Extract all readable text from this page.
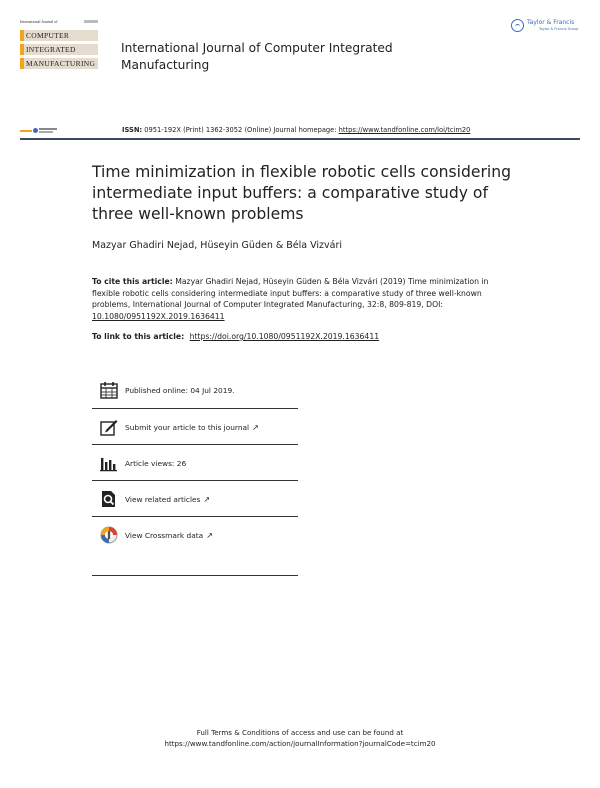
International Journal of
COMPUTER
INTEGRATED
MANUFACTURING
International Journal of Computer Integrated Manufacturing
Taylor & Francis
Taylor & Francis Group
ISSN: 0951-192X (Print) 1362-3052 (Online) Journal homepage: https://www.tandfonline.com/loi/tcim20
Time minimization in flexible robotic cells considering intermediate input buffers: a comparative study of three well-known problems
Mazyar Ghadiri Nejad, Hüseyin Güden & Béla Vizvári
To cite this article: Mazyar Ghadiri Nejad, Hüseyin Güden & Béla Vizvári (2019) Time minimization in flexible robotic cells considering intermediate input buffers: a comparative study of three well-known problems, International Journal of Computer Integrated Manufacturing, 32:8, 809-819, DOI: 10.1080/0951192X.2019.1636411
To link to this article: https://doi.org/10.1080/0951192X.2019.1636411
Published online: 04 Jul 2019.
Submit your article to this journal ↗
Article views: 26
View related articles ↗
View Crossmark data ↗
Full Terms & Conditions of access and use can be found at
https://www.tandfonline.com/action/journalInformation?journalCode=tcim20
